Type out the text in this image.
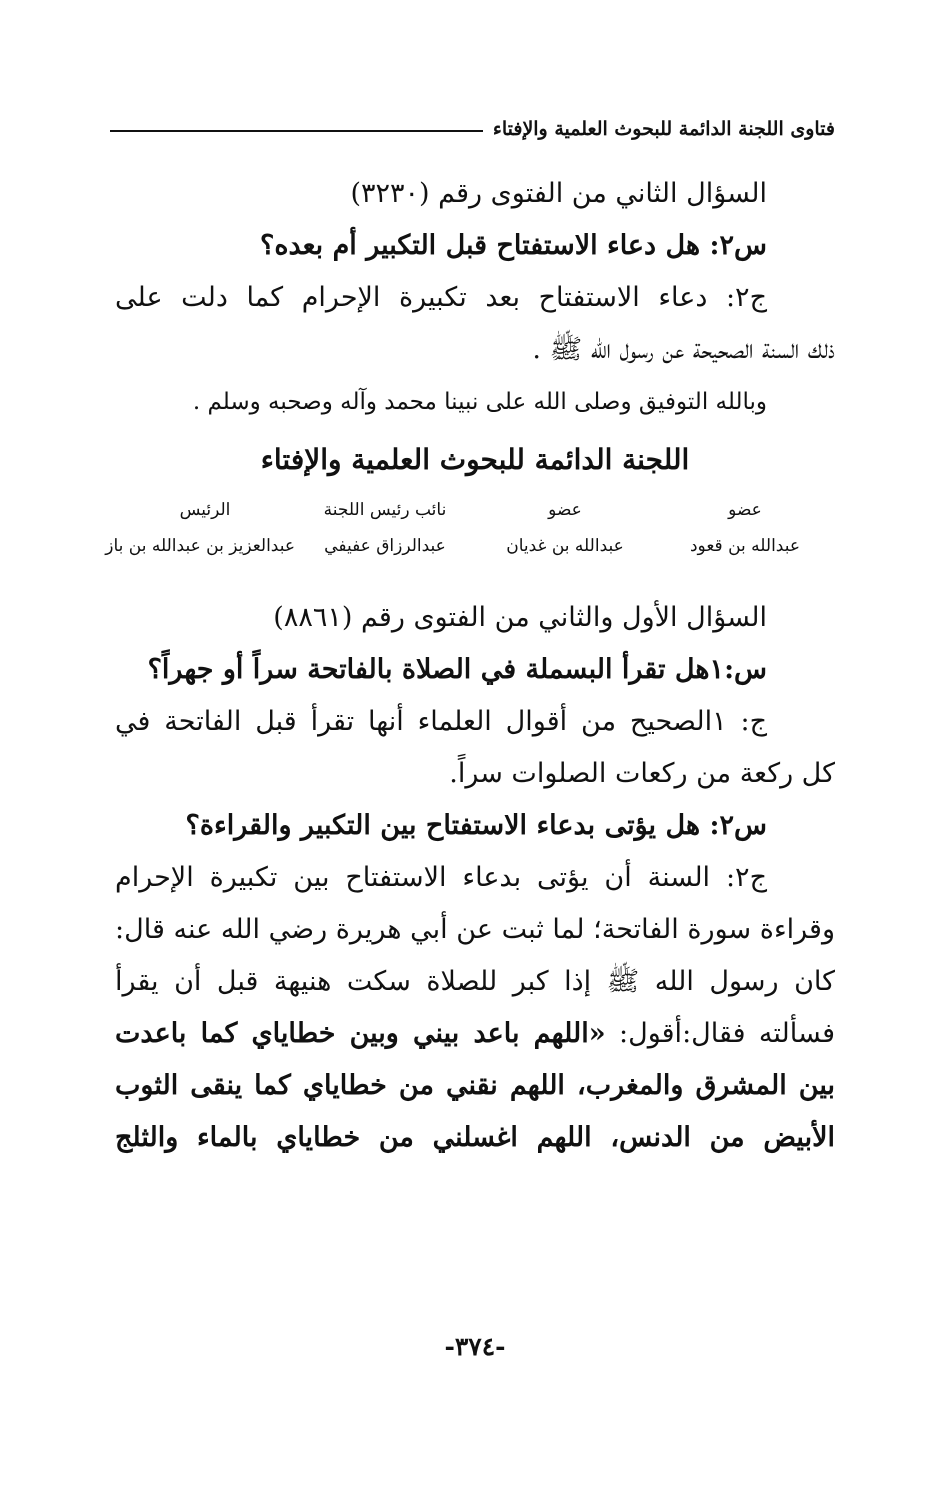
فتاوى اللجنة الدائمة للبحوث العلمية والإفتاء
السؤال الثاني من الفتوى رقم (٣٢٣٠)
س٢: هل دعاء الاستفتاح قبل التكبير أم بعده؟
ج٢: دعاء الاستفتاح بعد تكبيرة الإحرام كما دلت على
ذلك السنة الصحيحة عن رسول الله ﷺ .
وبالله التوفيق وصلى الله على نبينا محمد وآله وصحبه وسلم .
اللجنة الدائمة للبحوث العلمية والإفتاء
عضو	عضو	نائب رئيس اللجنة	الرئيس
عبدالله بن قعود	عبدالله بن غديان	عبدالرزاق عفيفي	عبدالعزيز بن عبدالله بن باز
السؤال الأول والثاني من الفتوى رقم (٨٨٦١)
س:١هل تقرأ البسملة في الصلاة بالفاتحة سراً أو جهراً؟
ج: ١الصحيح من أقوال العلماء أنها تقرأ قبل الفاتحة في
كل ركعة من ركعات الصلوات سراً.
س٢: هل يؤتى بدعاء الاستفتاح بين التكبير والقراءة؟
ج٢: السنة أن يؤتى بدعاء الاستفتاح بين تكبيرة الإحرام
وقراءة سورة الفاتحة؛ لما ثبت عن أبي هريرة رضي الله عنه قال:
كان رسول الله ﷺ إذا كبر للصلاة سكت هنيهة قبل أن يقرأ
فسألته فقال:أقول: «اللهم باعد بيني وبين خطاياي كما باعدت
بين المشرق والمغرب، اللهم نقني من خطاياي كما ينقى الثوب
الأبيض من الدنس، اللهم اغسلني من خطاياي بالماء والثلج
-٣٧٤-
